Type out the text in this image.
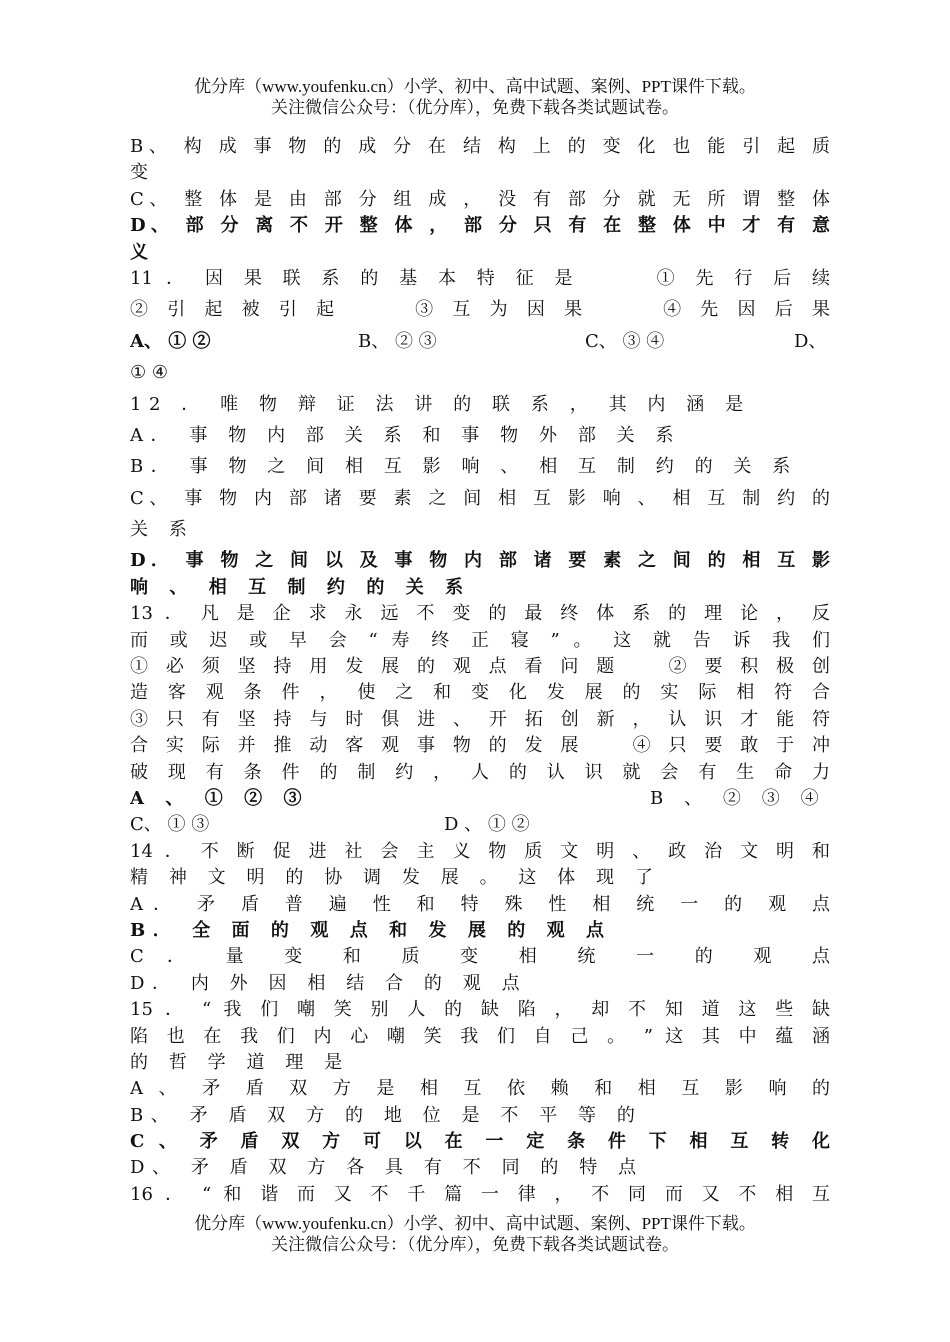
优分库（www.youfenku.cn）小学、初中、高中试题、案例、PPT课件下载。
关注微信公众号：（优分库），免费下载各类试题试卷。
B、 构 成 事 物 的 成 分 在 结 构 上 的 变 化 也 能 引 起 质
变
C、 整 体 是 由 部 分 组 成 ， 没 有 部 分 就 无 所 谓 整 体
D、 部 分 离 不 开 整 体 ， 部 分 只 有 在 整 体 中 才 有 意
义
11 ． 因 果 联 系 的 基 本 特 征 是　　　① 先 行 后 续
② 引 起 被 引 起　　　③ 互 为 因 果　　　④ 先 因 后 果
A、 ① ②	B、 ② ③	C、 ③ ④	D、
① ④
12 ． 唯 物 辩 证 法 讲 的 联 系 ， 其 内 涵 是
A． 事 物 内 部 关 系 和 事 物 外 部 关 系
B． 事 物 之 间 相 互 影 响 、 相 互 制 约 的 关 系
C、 事 物 内 部 诸 要 素 之 间 相 互 影 响 、 相 互 制 约 的
关 系
D． 事 物 之 间 以 及 事 物 内 部 诸 要 素 之 间 的 相 互 影
响 、 相 互 制 约 的 关 系
13 ． 凡 是 企 求 永 远 不 变 的 最 终 体 系 的 理 论 ， 反
而 或 迟 或 早 会 “ 寿 终 正 寝 ” 。 这 就 告 诉 我 们
① 必 须 坚 持 用 发 展 的 观 点 看 问 题　　② 要 积 极 创
造 客 观 条 件 ， 使 之 和 变 化 发 展 的 实 际 相 符 合
③ 只 有 坚 持 与 时 俱 进 、 开 拓 创 新 ， 认 识 才 能 符
合 实 际 并 推 动 客 观 事 物 的 发 展　　④ 只 要 敢 于 冲
破 现 有 条 件 的 制 约 ， 人 的 认 识 就 会 有 生 命 力
A 、 ① ② ③	B 、 ② ③ ④
C、 ① ③	D 、 ① ②
14 ． 不 断 促 进 社 会 主 义 物 质 文 明 、 政 治 文 明 和
精 神 文 明 的 协 调 发 展 。 这 体 现 了
A． 矛 盾 普 遍 性 和 特 殊 性 相 统 一 的 观 点
B． 全 面 的 观 点 和 发 展 的 观 点
C ． 量 变 和 质 变 相 统 一 的 观 点
D． 内 外 因 相 结 合 的 观 点
15 ． “ 我 们 嘲 笑 别 人 的 缺 陷 ， 却 不 知 道 这 些 缺
陷 也 在 我 们 内 心 嘲 笑 我 们 自 己 。 ” 这 其 中 蕴 涵
的 哲 学 道 理 是
A 、 矛 盾 双 方 是 相 互 依 赖 和 相 互 影 响 的
B、 矛 盾 双 方 的 地 位 是 不 平 等 的
C 、 矛 盾 双 方 可 以 在 一 定 条 件 下 相 互 转 化
D、 矛 盾 双 方 各 具 有 不 同 的 特 点
16 ． “ 和 谐 而 又 不 千 篇 一 律 ， 不 同 而 又 不 相 互
优分库（www.youfenku.cn）小学、初中、高中试题、案例、PPT课件下载。
关注微信公众号：（优分库），免费下载各类试题试卷。
